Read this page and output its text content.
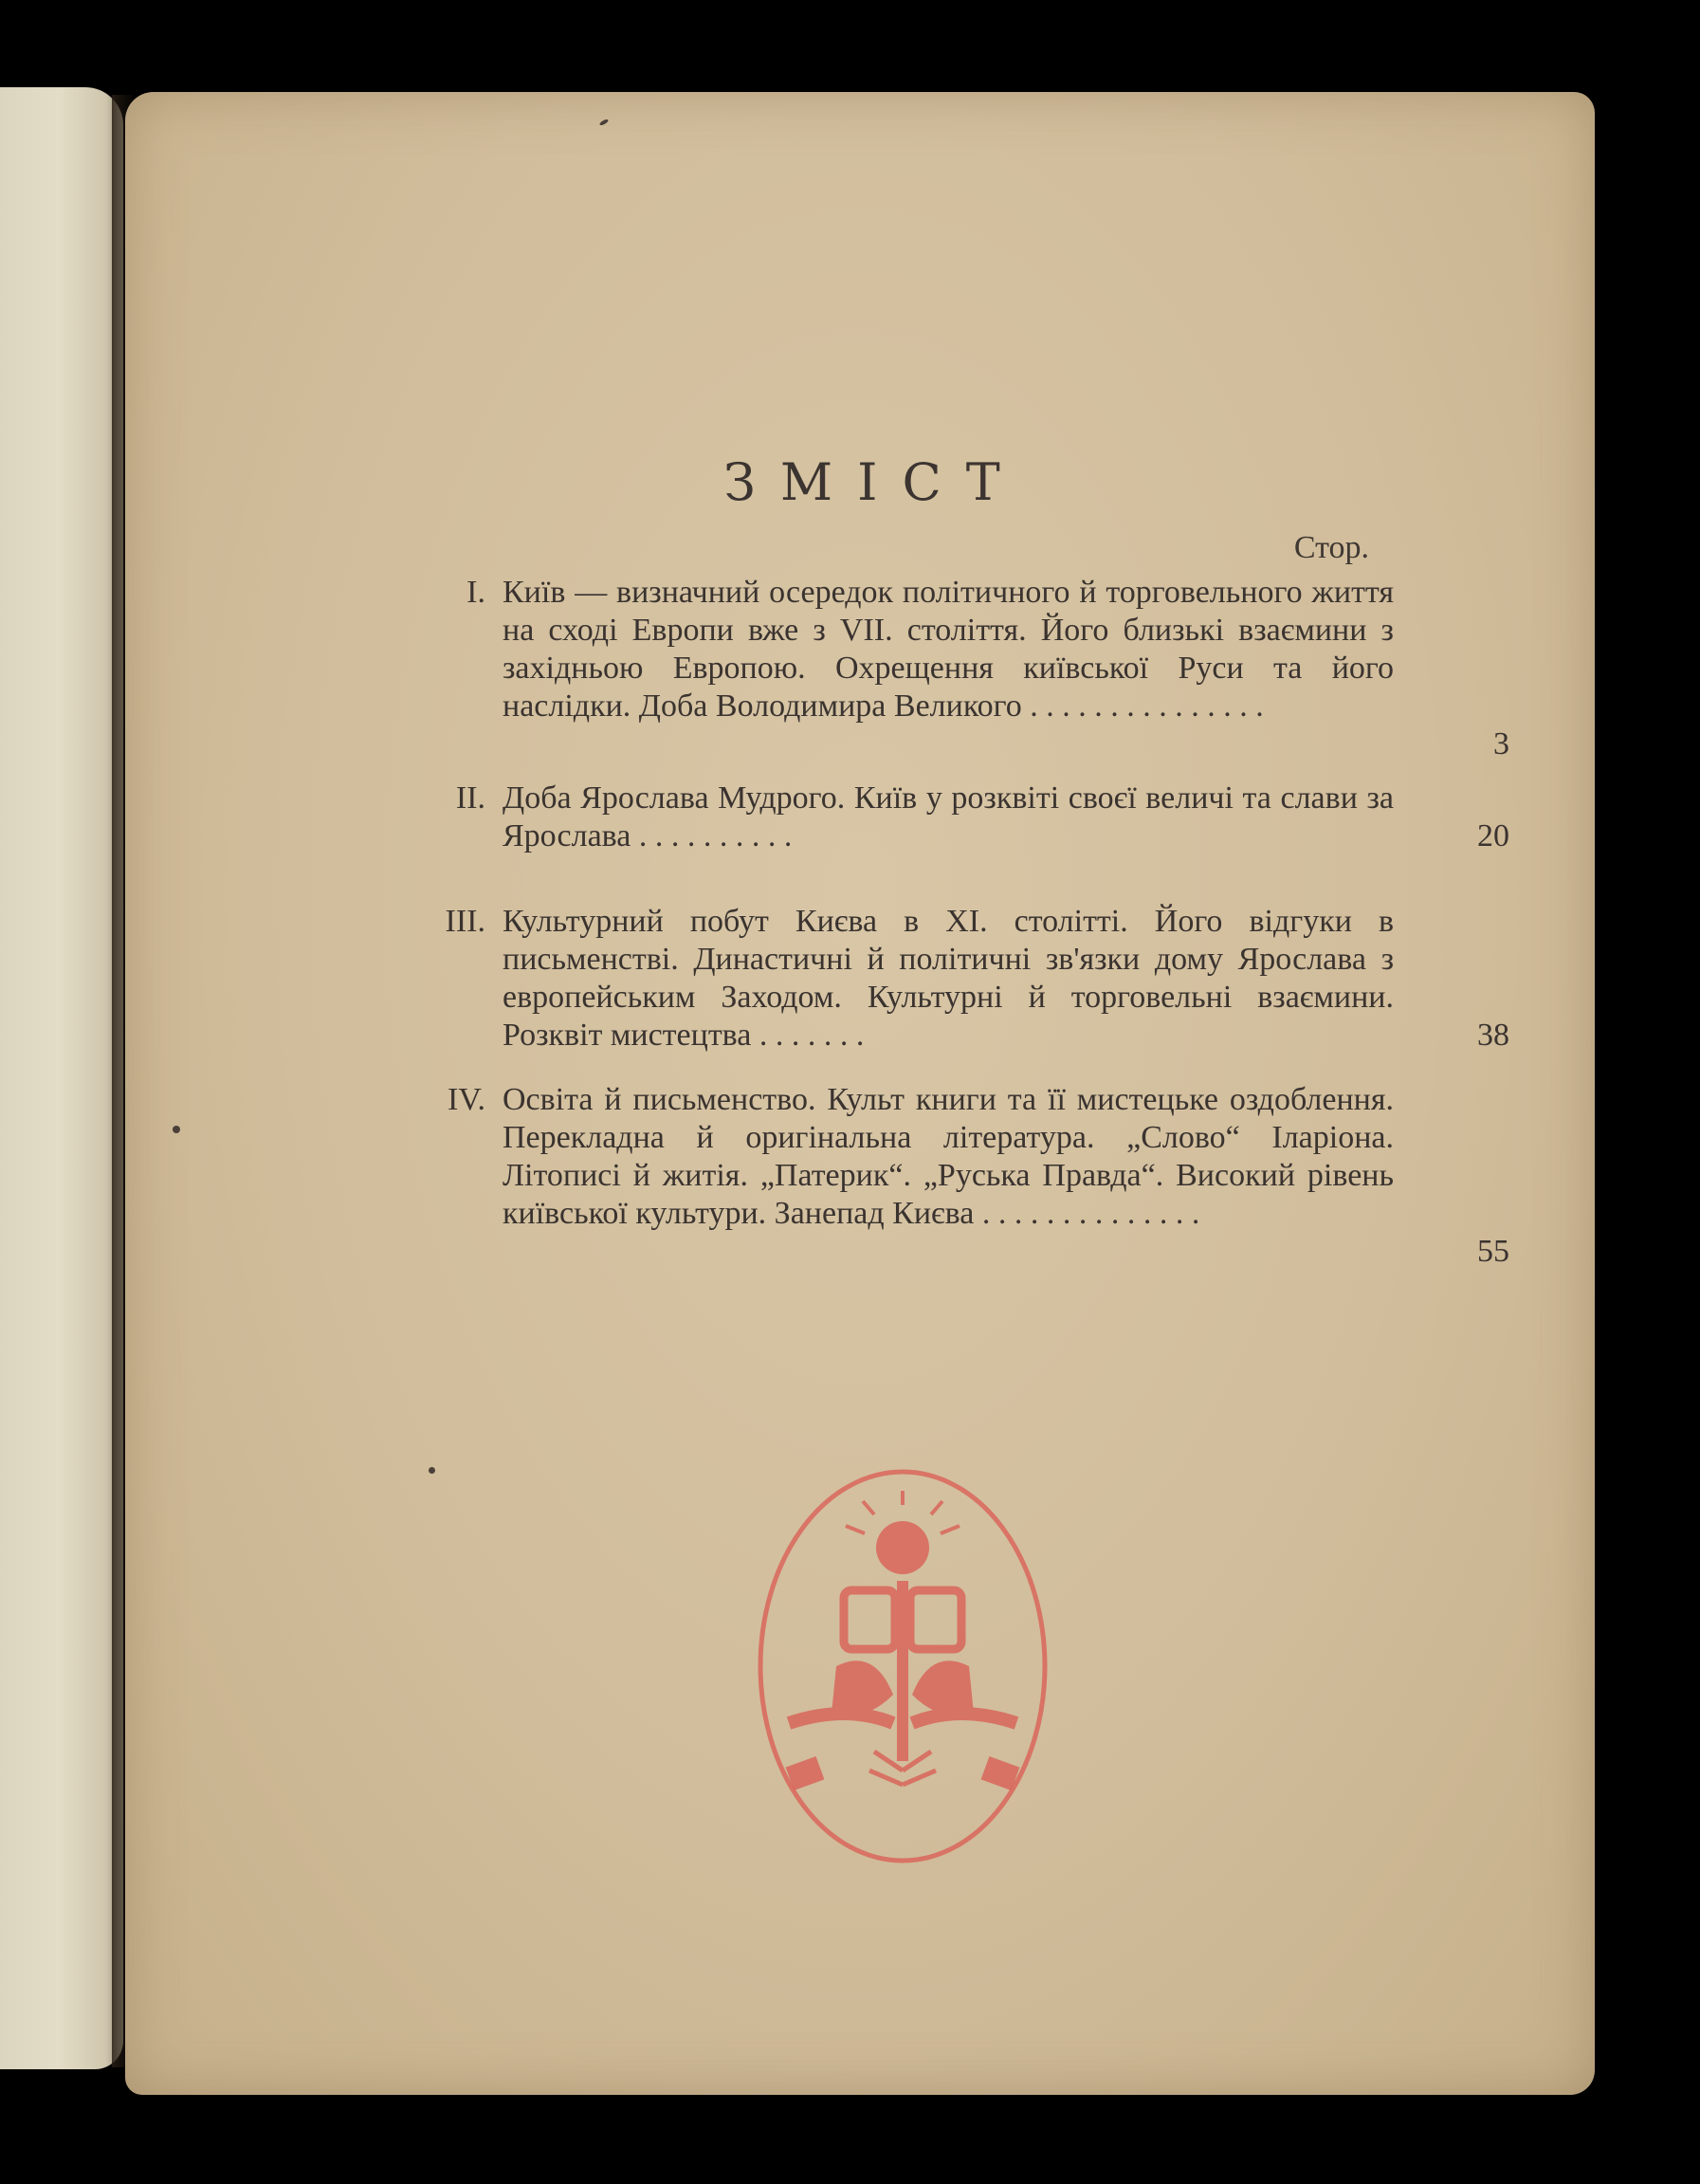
ЗМІСТ
Стор.
I. Київ — визначний осередок політичного й торговельного життя на сході Европи вже з VII. століття. Його близькі взаємини з західньою Европою. Охрещення київської Руси та його наслідки. Доба Володимира Великого . . . . . . . . . . . . . . .
3
II. Доба Ярослава Мудрого. Київ у розквіті своєї величі та слави за Ярослава . . . . . . . . . .	20
III. Культурний побут Києва в XI. столітті. Його відгуки в письменстві. Династичні й політичні зв'язки дому Ярослава з европейським Заходом. Культурні й торговельні взаємини. Розквіт мистецтва . . . . . . .	38
IV. Освіта й письменство. Культ книги та її мистецьке оздоблення. Перекладна й оригінальна література. „Слово“ Іларіона. Літописі й житія. „Патерик“. „Руська Правда“. Високий рівень київської культури. Занепад Києва . . . . . . . . . . . . . .
55
